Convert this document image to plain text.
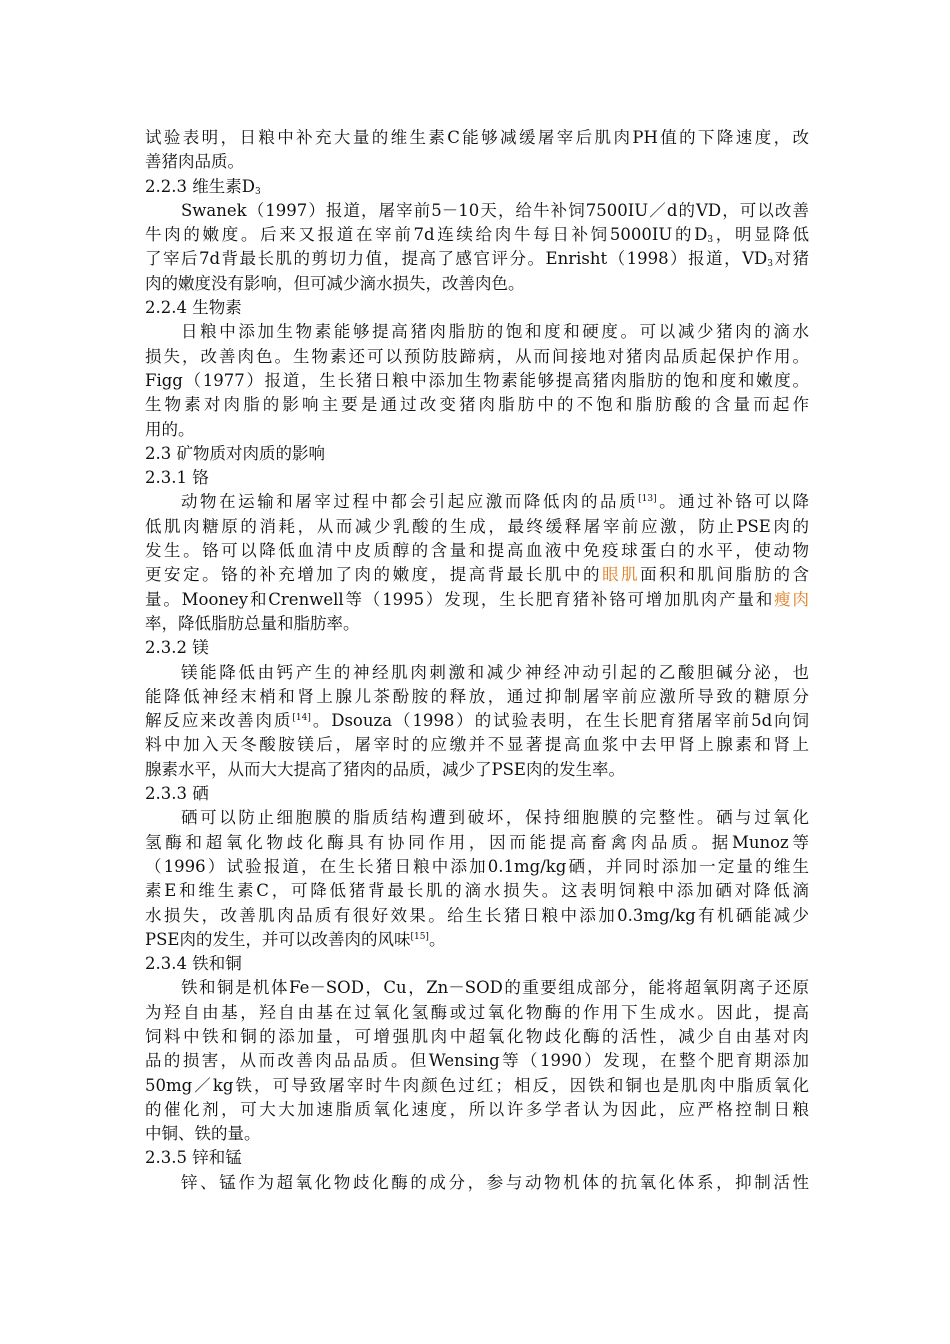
试验表明，日粮中补充大量的维生素C能够减缓屠宰后肌肉PH值的下降速度，改
善猪肉品质。
2.2.3 维生素$D_3$
Swanek（1997）报道，屠宰前5－10天，给牛补饲7500IU／d的VD，可以改善
牛肉的嫩度。后来又报道在宰前7d连续给肉牛每日补饲5000IU的$D_3$，明显降低
了宰后7d背最长肌的剪切力值，提高了感官评分。Enrisht（1998）报道，$VD_3$对猪
肉的嫩度没有影响，但可减少滴水损失，改善肉色。
2.2.4 生物素
日粮中添加生物素能够提高猪肉脂肪的饱和度和硬度。可以减少猪肉的滴水
损失，改善肉色。生物素还可以预防肢蹄病，从而间接地对猪肉品质起保护作用。
Figg（1977）报道，生长猪日粮中添加生物素能够提高猪肉脂肪的饱和度和嫩度。
生物素对肉脂的影响主要是通过改变猪肉脂肪中的不饱和脂肪酸的含量而起作
用的。
2.3 矿物质对肉质的影响
2.3.1 铬
动物在运输和屠宰过程中都会引起应激而降低肉的品质[13]。通过补铬可以降
低肌肉糖原的消耗，从而减少乳酸的生成，最终缓释屠宰前应激，防止PSE肉的
发生。铬可以降低血清中皮质醇的含量和提高血液中免疫球蛋白的水平，使动物
更安定。铬的补充增加了肉的嫩度，提高背最长肌中的眼肌面积和肌间脂肪的含
量。Mooney和Crenwell等（1995）发现，生长肥育猪补铬可增加肌肉产量和瘦肉
率，降低脂肪总量和脂肪率。
2.3.2 镁
镁能降低由钙产生的神经肌肉刺激和减少神经冲动引起的乙酸胆碱分泌，也
能降低神经末梢和肾上腺儿茶酚胺的释放，通过抑制屠宰前应激所导致的糖原分
解反应来改善肉质[14]。Dsouza（1998）的试验表明，在生长肥育猪屠宰前5d向饲
料中加入天冬酸胺镁后，屠宰时的应缴并不显著提高血浆中去甲肾上腺素和肾上
腺素水平，从而大大提高了猪肉的品质，减少了PSE肉的发生率。
2.3.3 硒
硒可以防止细胞膜的脂质结构遭到破坏，保持细胞膜的完整性。硒与过氧化
氢酶和超氧化物歧化酶具有协同作用，因而能提高畜禽肉品质。据Munoz等
（1996）试验报道，在生长猪日粮中添加0.1mg/kg硒，并同时添加一定量的维生
素E和维生素C，可降低猪背最长肌的滴水损失。这表明饲粮中添加硒对降低滴
水损失，改善肌肉品质有很好效果。给生长猪日粮中添加0.3mg/kg有机硒能减少
PSE肉的发生，并可以改善肉的风味[15]。
2.3.4 铁和铜
铁和铜是机体Fe－SOD，Cu，Zn－SOD的重要组成部分，能将超氧阴离子还原
为羟自由基，羟自由基在过氧化氢酶或过氧化物酶的作用下生成水。因此，提高
饲料中铁和铜的添加量，可增强肌肉中超氧化物歧化酶的活性，减少自由基对肉
品的损害，从而改善肉品品质。但Wensing等（1990）发现，在整个肥育期添加
50mg／kg铁，可导致屠宰时牛肉颜色过红；相反，因铁和铜也是肌肉中脂质氧化
的催化剂，可大大加速脂质氧化速度，所以许多学者认为因此，应严格控制日粮
中铜、铁的量。
2.3.5 锌和锰
锌、锰作为超氧化物歧化酶的成分，参与动物机体的抗氧化体系，抑制活性
